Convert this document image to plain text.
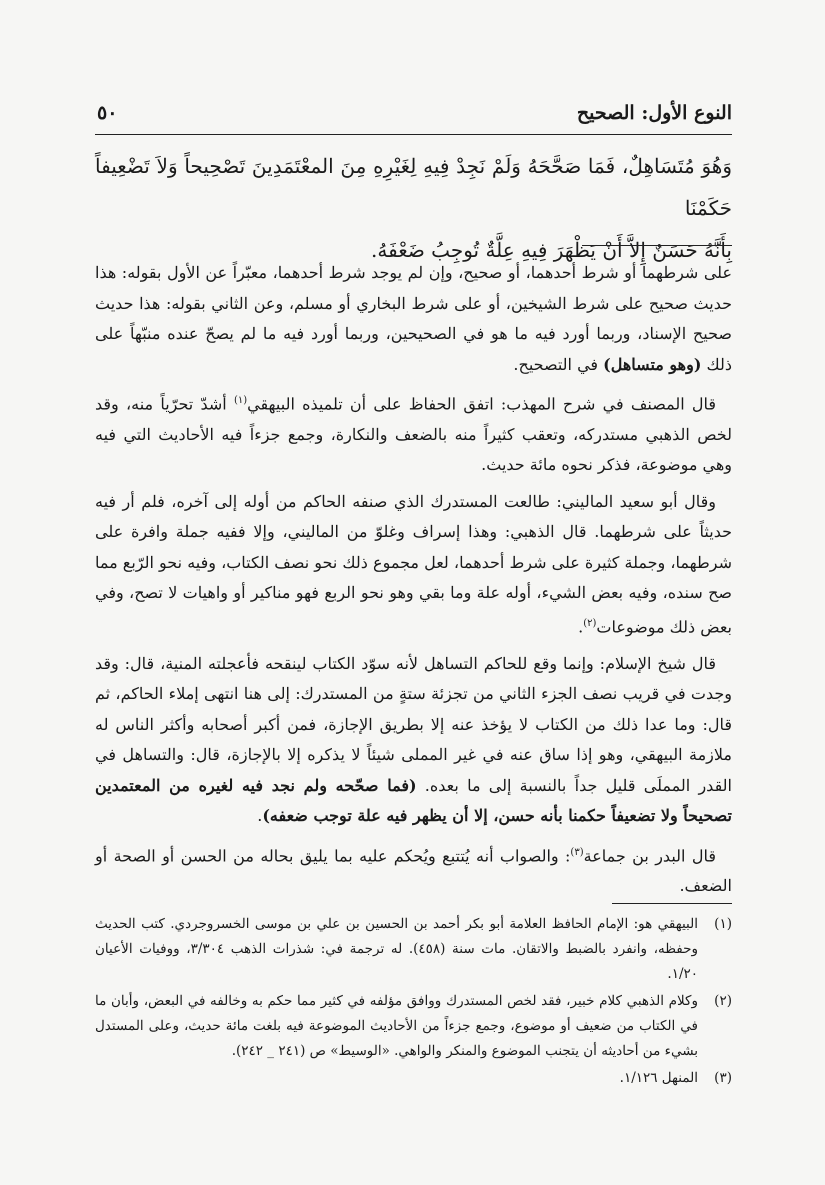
النوع الأول: الصحيح
٥٠

وَهُوَ مُتَسَاهِلٌ، فَمَا صَحَّحَهُ وَلَمْ نَجِدْ فِيهِ لِغَيْرِهِ مِنَ المعْتَمَدِينَ تَصْحِيحاً وَلاَ تَضْعِيفاً حَكَمْنَا

بِأَنَّهُ حَسَنٌ إِلاَّ أَنْ يَظْهَرَ فِيهِ عِلَّةٌ تُوجِبُ ضَعْفَهُ.

على شرطهما أو شرط أحدهما، أو صحيح، وإن لم يوجد شرط أحدهما، معبّراً عن الأول بقوله: هذا حديث صحيح على شرط الشيخين، أو على شرط البخاري أو مسلم، وعن الثاني بقوله: هذا حديث صحيح الإسناد، وربما أورد فيه ما هو في الصحيحين، وربما أورد فيه ما لم يصحّ عنده منبّهاً على ذلك (وهو متساهل) في التصحيح.

قال المصنف في شرح المهذب: اتفق الحفاظ على أن تلميذه البيهقي$^{(١)}$ أشدّ تحرّياً منه، وقد لخص الذهبي مستدركه، وتعقب كثيراً منه بالضعف والنكارة، وجمع جزءاً فيه الأحاديث التي فيه وهي موضوعة، فذكر نحوه مائة حديث.

وقال أبو سعيد الماليني: طالعت المستدرك الذي صنفه الحاكم من أوله إلى آخره، فلم أر فيه حديثاً على شرطهما. قال الذهبي: وهذا إسراف وغلوّ من الماليني، وإلا ففيه جملة وافرة على شرطهما، وجملة كثيرة على شرط أحدهما، لعل مجموع ذلك نحو نصف الكتاب، وفيه نحو الرّبع مما صح سنده، وفيه بعض الشيء، أوله علة وما بقي وهو نحو الربع فهو مناكير أو واهيات لا تصح، وفي بعض ذلك موضوعات$^{(٢)}$.

قال شيخ الإسلام: وإنما وقع للحاكم التساهل لأنه سوّد الكتاب لينقحه فأعجلته المنية، قال: وقد وجدت في قريب نصف الجزء الثاني من تجزئة ستةٍ من المستدرك: إلى هنا انتهى إملاء الحاكم، ثم قال: وما عدا ذلك من الكتاب لا يؤخذ عنه إلا بطريق الإجازة، فمن أكبر أصحابه وأكثر الناس له ملازمة البيهقي، وهو إذا ساق عنه في غير المملى شيئاً لا يذكره إلا بالإجازة، قال: والتساهل في القدر المملَى قليل جداً بالنسبة إلى ما بعده. (فما صحّحه ولم نجد فيه لغيره من المعتمدين تصحيحاً ولا تضعيفاً حكمنا بأنه حسن، إلا أن يظهر فيه علة توجب ضعفه).

قال البدر بن جماعة$^{(٣)}$: والصواب أنه يُتتبع ويُحكم عليه بما يليق بحاله من الحسن أو الصحة أو الضعف.

(١)
البيهقي هو: الإمام الحافظ العلامة أبو بكر أحمد بن الحسين بن علي بن موسى الخسروجردي. كتب الحديث وحفظه، وانفرد بالضبط والاتقان. مات سنة (٤٥٨). له ترجمة في: شذرات الذهب ٣/٣٠٤، ووفيات الأعيان ١/٢٠.
(٢)
وكلام الذهبي كلام خبير، فقد لخص المستدرك ووافق مؤلفه في كثير مما حكم به وخالفه في البعض، وأبان ما في الكتاب من ضعيف أو موضوع، وجمع جزءاً من الأحاديث الموضوعة فيه بلغت مائة حديث، وعلى المستدل بشيء من أحاديثه أن يتجنب الموضوع والمنكر والواهي. «الوسيط» ص (٢٤١ _ ٢٤٢).
(٣)
المنهل ١/١٢٦.
